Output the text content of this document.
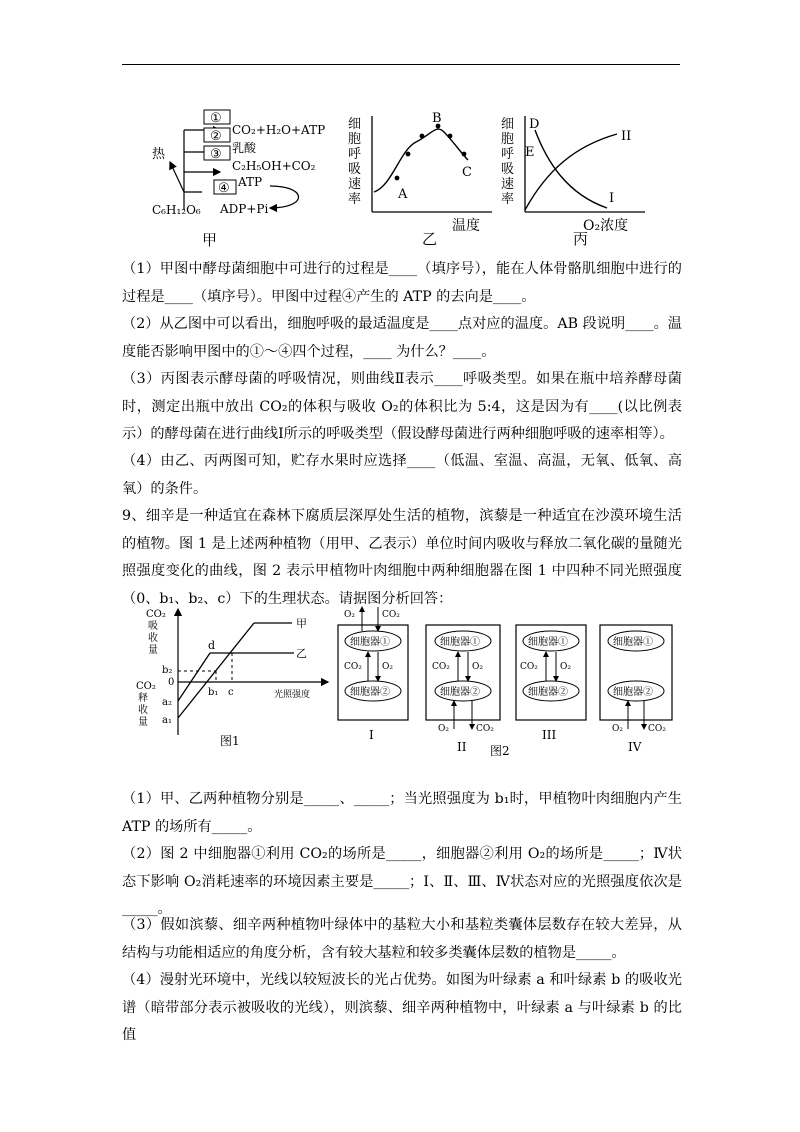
①
②
③
CO₂+H₂O+ATP
乳酸
C₂H₅OH+CO₂
ATP
④
ADP+Pi
热
C₆H₁₂O₆
甲
细胞呼吸速率	A
B
C
温度
乙
细胞呼吸速率
D
E
II
I
O₂浓度
丙

（1）甲图中酵母菌细胞中可进行的过程是____（填序号），能在人体骨骼肌细胞中进行的过程是____（填序号）。甲图中过程④产生的 ATP 的去向是____。

（2）从乙图中可以看出，细胞呼吸的最适温度是____点对应的温度。AB 段说明____。温度能否影响甲图中的①～④四个过程，____ 为什么？____。

（3）丙图表示酵母菌的呼吸情况，则曲线Ⅱ表示____呼吸类型。如果在瓶中培养酵母菌时，测定出瓶中放出 CO₂的体积与吸收 O₂的体积比为 5:4，这是因为有____(以比例表示）的酵母菌在进行曲线Ⅰ所示的呼吸类型（假设酵母菌进行两种细胞呼吸的速率相等）。

（4）由乙、丙两图可知，贮存水果时应选择____（低温、室温、高温，无氧、低氧、高氧）的条件。

9、细辛是一种适宜在森林下腐质层深厚处生活的植物，滨藜是一种适宜在沙漠环境生活的植物。图 1 是上述两种植物（用甲、乙表示）单位时间内吸收与释放二氧化碳的量随光照强度变化的曲线，图 2 表示甲植物叶肉细胞中两种细胞器在图 1 中四种不同光照强度（0、b₁、b₂、c）下的生理状态。请据图分析回答：

CO₂ 吸收量
CO₂ 释收量
甲
乙
d
b₂
0
a₂
a₁
b₁ c	光照强度
图1
细胞器①
细胞器②
CO₂ O₂
O₂	CO₂
I
细胞器①
细胞器②
CO₂ O₂
O₂	CO₂
II 图2
细胞器①
细胞器②
CO₂ O₂
III
细胞器①
细胞器②
O₂	CO₂
IV

（1）甲、乙两种植物分别是_____、_____；当光照强度为 b₁时，甲植物叶肉细胞内产生 ATP 的场所有_____。

（2）图 2 中细胞器①利用 CO₂的场所是_____，细胞器②利用 O₂的场所是_____；Ⅳ状态下影响 O₂消耗速率的环境因素主要是_____；Ⅰ、Ⅱ、Ⅲ、Ⅳ状态对应的光照强度依次是_____。

（3）假如滨藜、细辛两种植物叶绿体中的基粒大小和基粒类囊体层数存在较大差异，从结构与功能相适应的角度分析，含有较大基粒和较多类囊体层数的植物是_____。

（4）漫射光环境中，光线以较短波长的光占优势。如图为叶绿素 a 和叶绿素 b 的吸收光谱（暗带部分表示被吸收的光线），则滨藜、细辛两种植物中，叶绿素 a 与叶绿素 b 的比值
